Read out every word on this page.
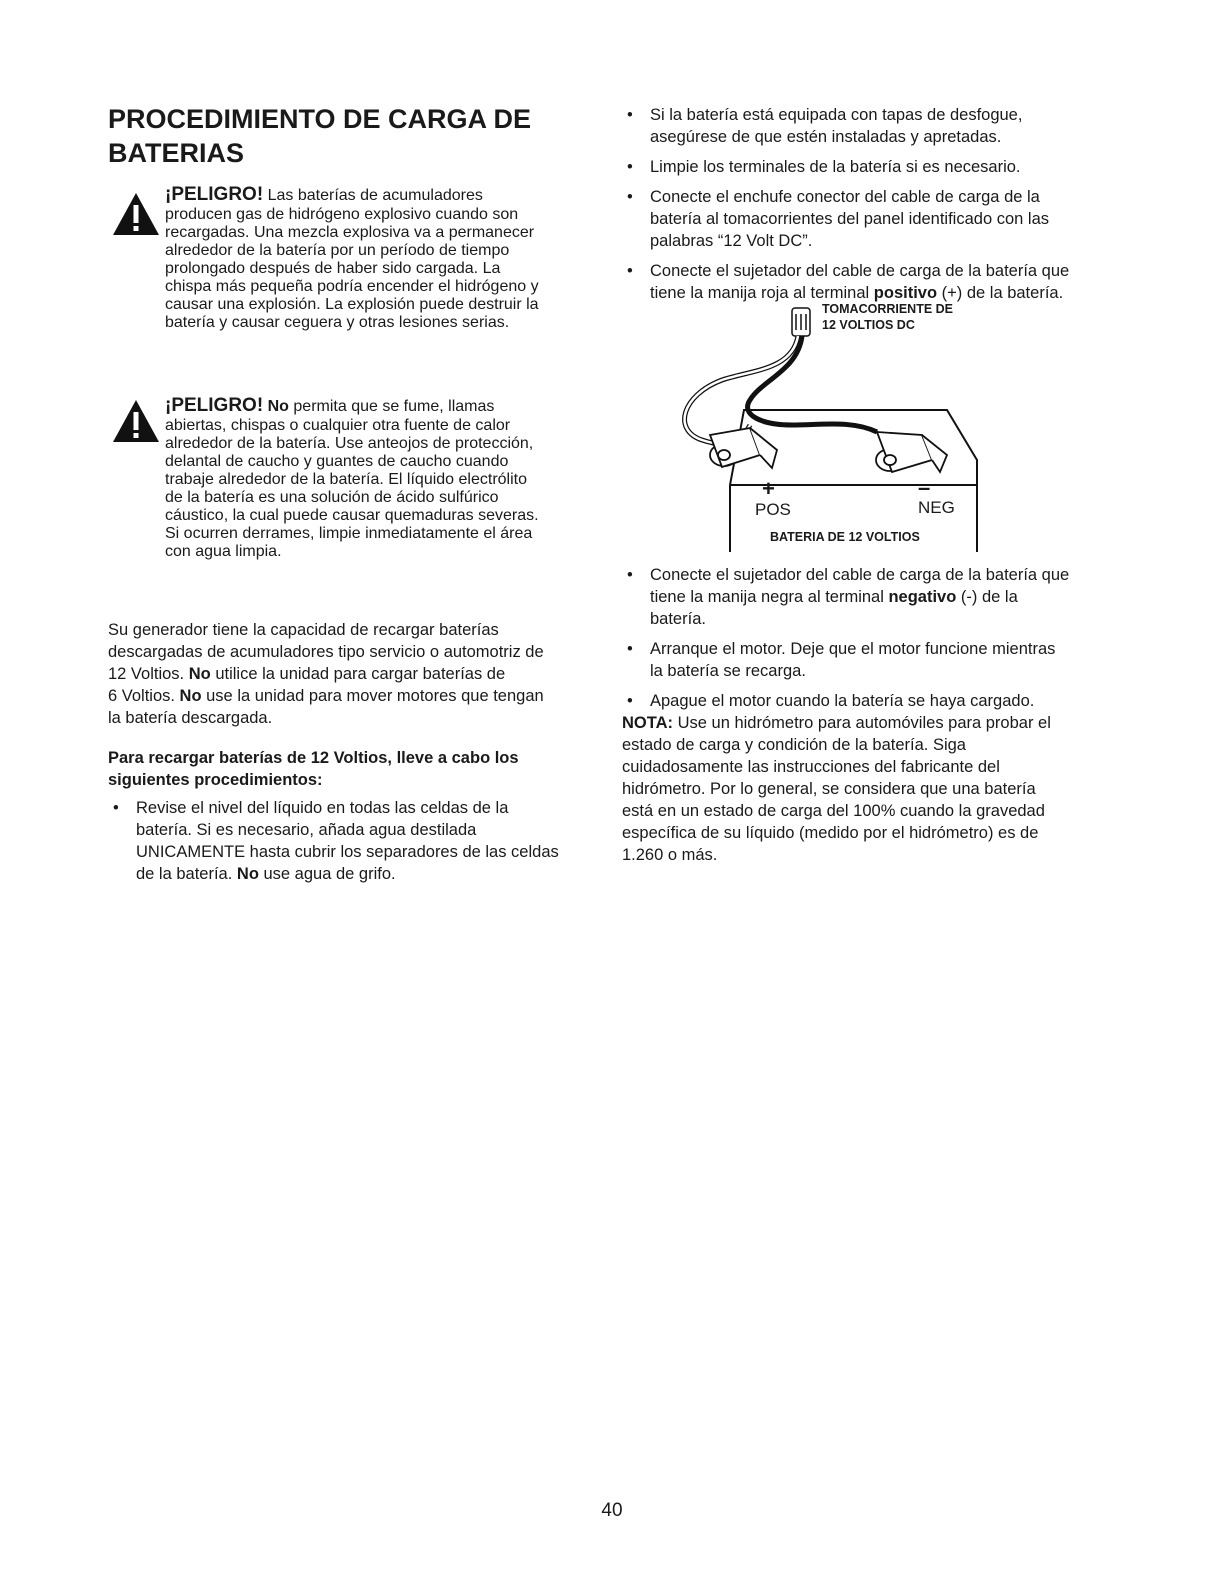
PROCEDIMIENTO DE CARGA DE BATERIAS
¡PELIGRO! Las baterías de acumuladores
producen gas de hidrógeno explosivo cuando son
recargadas. Una mezcla explosiva va a permanecer
alrededor de la batería por un período de tiempo
prolongado después de haber sido cargada. La
chispa más pequeña podría encender el hidrógeno y
causar una explosión. La explosión puede destruir la
batería y causar ceguera y otras lesiones serias.
¡PELIGRO! No permita que se fume, llamas
abiertas, chispas o cualquier otra fuente de calor
alrededor de la batería. Use anteojos de protección,
delantal de caucho y guantes de caucho cuando
trabaje alrededor de la batería. El líquido electrólito
de la batería es una solución de ácido sulfúrico
cáustico, la cual puede causar quemaduras severas.
Si ocurren derrames, limpie inmediatamente el área
con agua limpia.
Su generador tiene la capacidad de recargar baterías
descargadas de acumuladores tipo servicio o automotriz de
12 Voltios. No utilice la unidad para cargar baterías de
6 Voltios. No use la unidad para mover motores que tengan
la batería descargada.
Para recargar baterías de 12 Voltios, lleve a cabo los
siguientes procedimientos:
• Revise el nivel del líquido en todas las celdas de la
batería. Si es necesario, añada agua destilada
UNICAMENTE hasta cubrir los separadores de las celdas
de la batería. No use agua de grifo.
• Si la batería está equipada con tapas de desfogue,
asegúrese de que estén instaladas y apretadas.
• Limpie los terminales de la batería si es necesario.
• Conecte el enchufe conector del cable de carga de la
batería al tomacorrientes del panel identificado con las
palabras “12 Volt DC”.
• Conecte el sujetador del cable de carga de la batería que
tiene la manija roja al terminal positivo (+) de la batería.
TOMACORRIENTE DE
12 VOLTIOS DC
+	–
POS	NEG
BATERIA DE 12 VOLTIOS
• Conecte el sujetador del cable de carga de la batería que
tiene la manija negra al terminal negativo (-) de la
batería.
• Arranque el motor. Deje que el motor funcione mientras
la batería se recarga.
• Apague el motor cuando la batería se haya cargado.
NOTA: Use un hidrómetro para automóviles para probar el
estado de carga y condición de la batería. Siga
cuidadosamente las instrucciones del fabricante del
hidrómetro. Por lo general, se considera que una batería
está en un estado de carga del 100% cuando la gravedad
específica de su líquido (medido por el hidrómetro) es de
1.260 o más.
40
